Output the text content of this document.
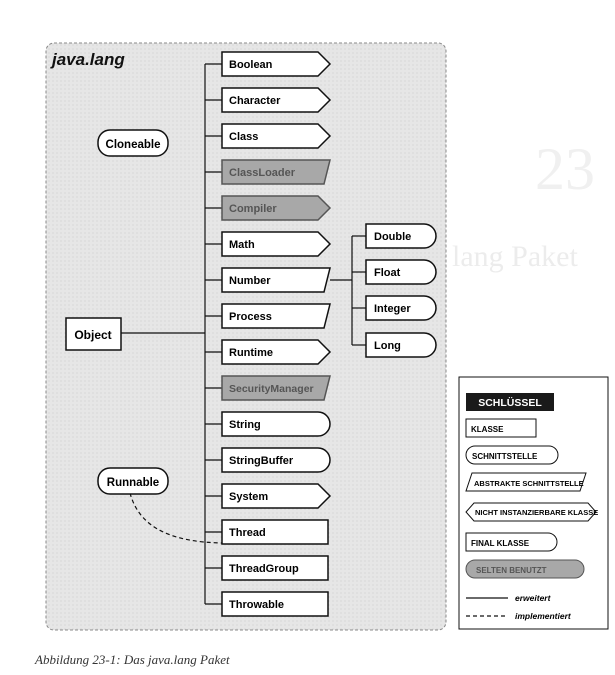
23
lang Paket
Cloneable
Object
Runnable
Boolean
Character
Class
ClassLoader
Compiler
Math
Number
Process
Runtime
SecurityManager
String
StringBuffer
System
Thread
ThreadGroup
Throwable
Double
Float
Integer
Long
SCHLÜSSEL
KLASSE
SCHNITTSTELLE
ABSTRAKTE SCHNITTSTELLE
NICHT INSTANZIERBARE KLASSE
FINAL KLASSE
SELTEN BENUTZT
erweitert
implementiert
java.lang
Abbildung 23-1: Das java.lang Paket
